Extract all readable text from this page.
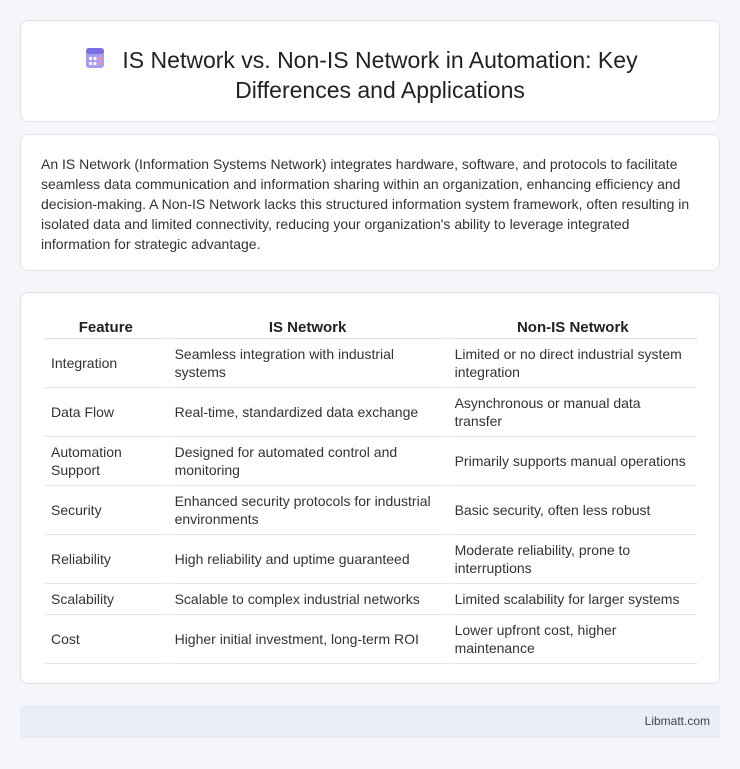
IS Network vs. Non-IS Network in Automation: Key Differences and Applications

An IS Network (Information Systems Network) integrates hardware, software, and protocols to facilitate seamless data communication and information sharing within an organization, enhancing efficiency and decision-making. A Non-IS Network lacks this structured information system framework, often resulting in isolated data and limited connectivity, reducing your organization's ability to leverage integrated information for strategic advantage.

Feature	IS Network	Non-IS Network
Integration	Seamless integration with industrial systems	Limited or no direct industrial system integration
Data Flow	Real-time, standardized data exchange	Asynchronous or manual data transfer
Automation Support	Designed for automated control and monitoring	Primarily supports manual operations
Security	Enhanced security protocols for industrial environments	Basic security, often less robust
Reliability	High reliability and uptime guaranteed	Moderate reliability, prone to interruptions
Scalability	Scalable to complex industrial networks	Limited scalability for larger systems
Cost	Higher initial investment, long-term ROI	Lower upfront cost, higher maintenance
Libmatt.com
